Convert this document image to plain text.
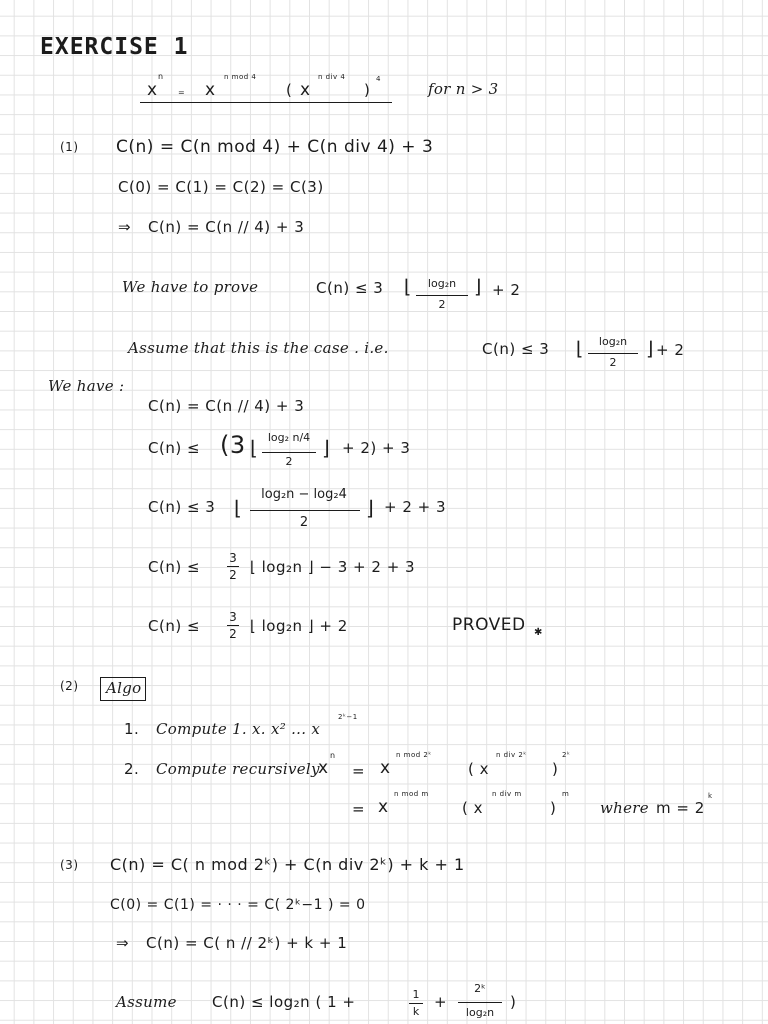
EXERCISE 1
x
n
= x
n mod 4
( x
n div 4
)
4
for n > 3
(1) C(n) = C(n mod 4) + C(n div 4) + 3
C(0) = C(1) = C(2) = C(3)
⇒ C(n) = C(n // 4) + 3
We have to prove	C(n) ≤ 3 ⌊	log₂n
2
⌋ + 2
Assume that this is the case . i.e.	C(n) ≤ 3 ⌊	log₂n
2
⌋ + 2
We have :
C(n) = C(n // 4) + 3
C(n) ≤ (3 ⌊ log₂ n/4
2
⌋ + 2) + 3
C(n) ≤ 3 ⌊
log₂n − log₂4
2
⌋ + 2 + 3
C(n) ≤ 3
2 ⌊ log₂n ⌋ − 3 + 2 + 3
C(n) ≤ 3
2 ⌊ log₂n ⌋ + 2	PROVED ✱
(2) Algo
1. Compute 1. x. x² ... x
2ᵏ−1
2. Compute recursively
x
n
= x
n mod 2ᵏ
( x
n div 2ᵏ
)
2ᵏ
= x
n mod m
( x
n div m
)
m
where m = 2
k
(3) C(n) = C( n mod 2ᵏ) + C(n div 2ᵏ) + k + 1
C(0) = C(1) = · · · = C( 2ᵏ−1 ) = 0
⇒ C(n) = C( n // 2ᵏ) + k + 1
Assume C(n) ≤ log₂n ( 1 +	1
k
+
2ᵏ
log₂n
)
